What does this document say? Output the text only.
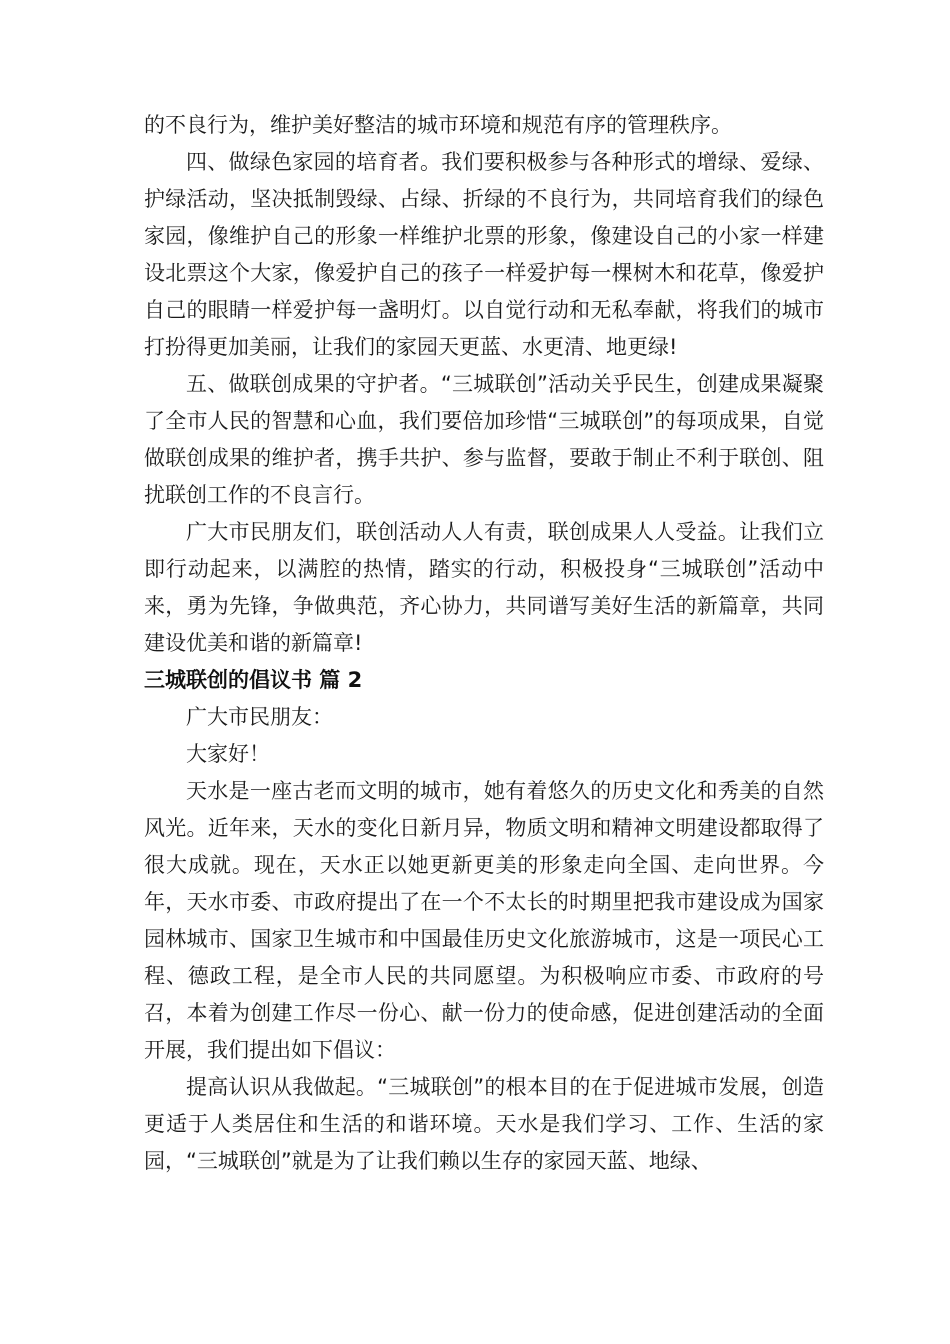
的不良行为，维护美好整洁的城市环境和规范有序的管理秩序。

四、做绿色家园的培育者。我们要积极参与各种形式的增绿、爱绿、护绿活动，坚决抵制毁绿、占绿、折绿的不良行为，共同培育我们的绿色家园，像维护自己的形象一样维护北票的形象，像建设自己的小家一样建设北票这个大家，像爱护自己的孩子一样爱护每一棵树木和花草，像爱护自己的眼睛一样爱护每一盏明灯。以自觉行动和无私奉献，将我们的城市打扮得更加美丽，让我们的家园天更蓝、水更清、地更绿!

五、做联创成果的守护者。“三城联创”活动关乎民生，创建成果凝聚了全市人民的智慧和心血，我们要倍加珍惜“三城联创”的每项成果，自觉做联创成果的维护者，携手共护、参与监督，要敢于制止不利于联创、阻扰联创工作的不良言行。

广大市民朋友们，联创活动人人有责，联创成果人人受益。让我们立即行动起来，以满腔的热情，踏实的行动，积极投身“三城联创”活动中来，勇为先锋，争做典范，齐心协力，共同谱写美好生活的新篇章，共同建设优美和谐的新篇章!

三城联创的倡议书 篇 2

广大市民朋友：

大家好！

天水是一座古老而文明的城市，她有着悠久的历史文化和秀美的自然风光。近年来，天水的变化日新月异，物质文明和精神文明建设都取得了很大成就。现在，天水正以她更新更美的形象走向全国、走向世界。今年，天水市委、市政府提出了在一个不太长的时期里把我市建设成为国家园林城市、国家卫生城市和中国最佳历史文化旅游城市，这是一项民心工程、德政工程，是全市人民的共同愿望。为积极响应市委、市政府的号召，本着为创建工作尽一份心、献一份力的使命感，促进创建活动的全面开展，我们提出如下倡议：

提高认识从我做起。“三城联创”的根本目的在于促进城市发展，创造更适于人类居住和生活的和谐环境。天水是我们学习、工作、生活的家园，“三城联创”就是为了让我们赖以生存的家园天蓝、地绿、
